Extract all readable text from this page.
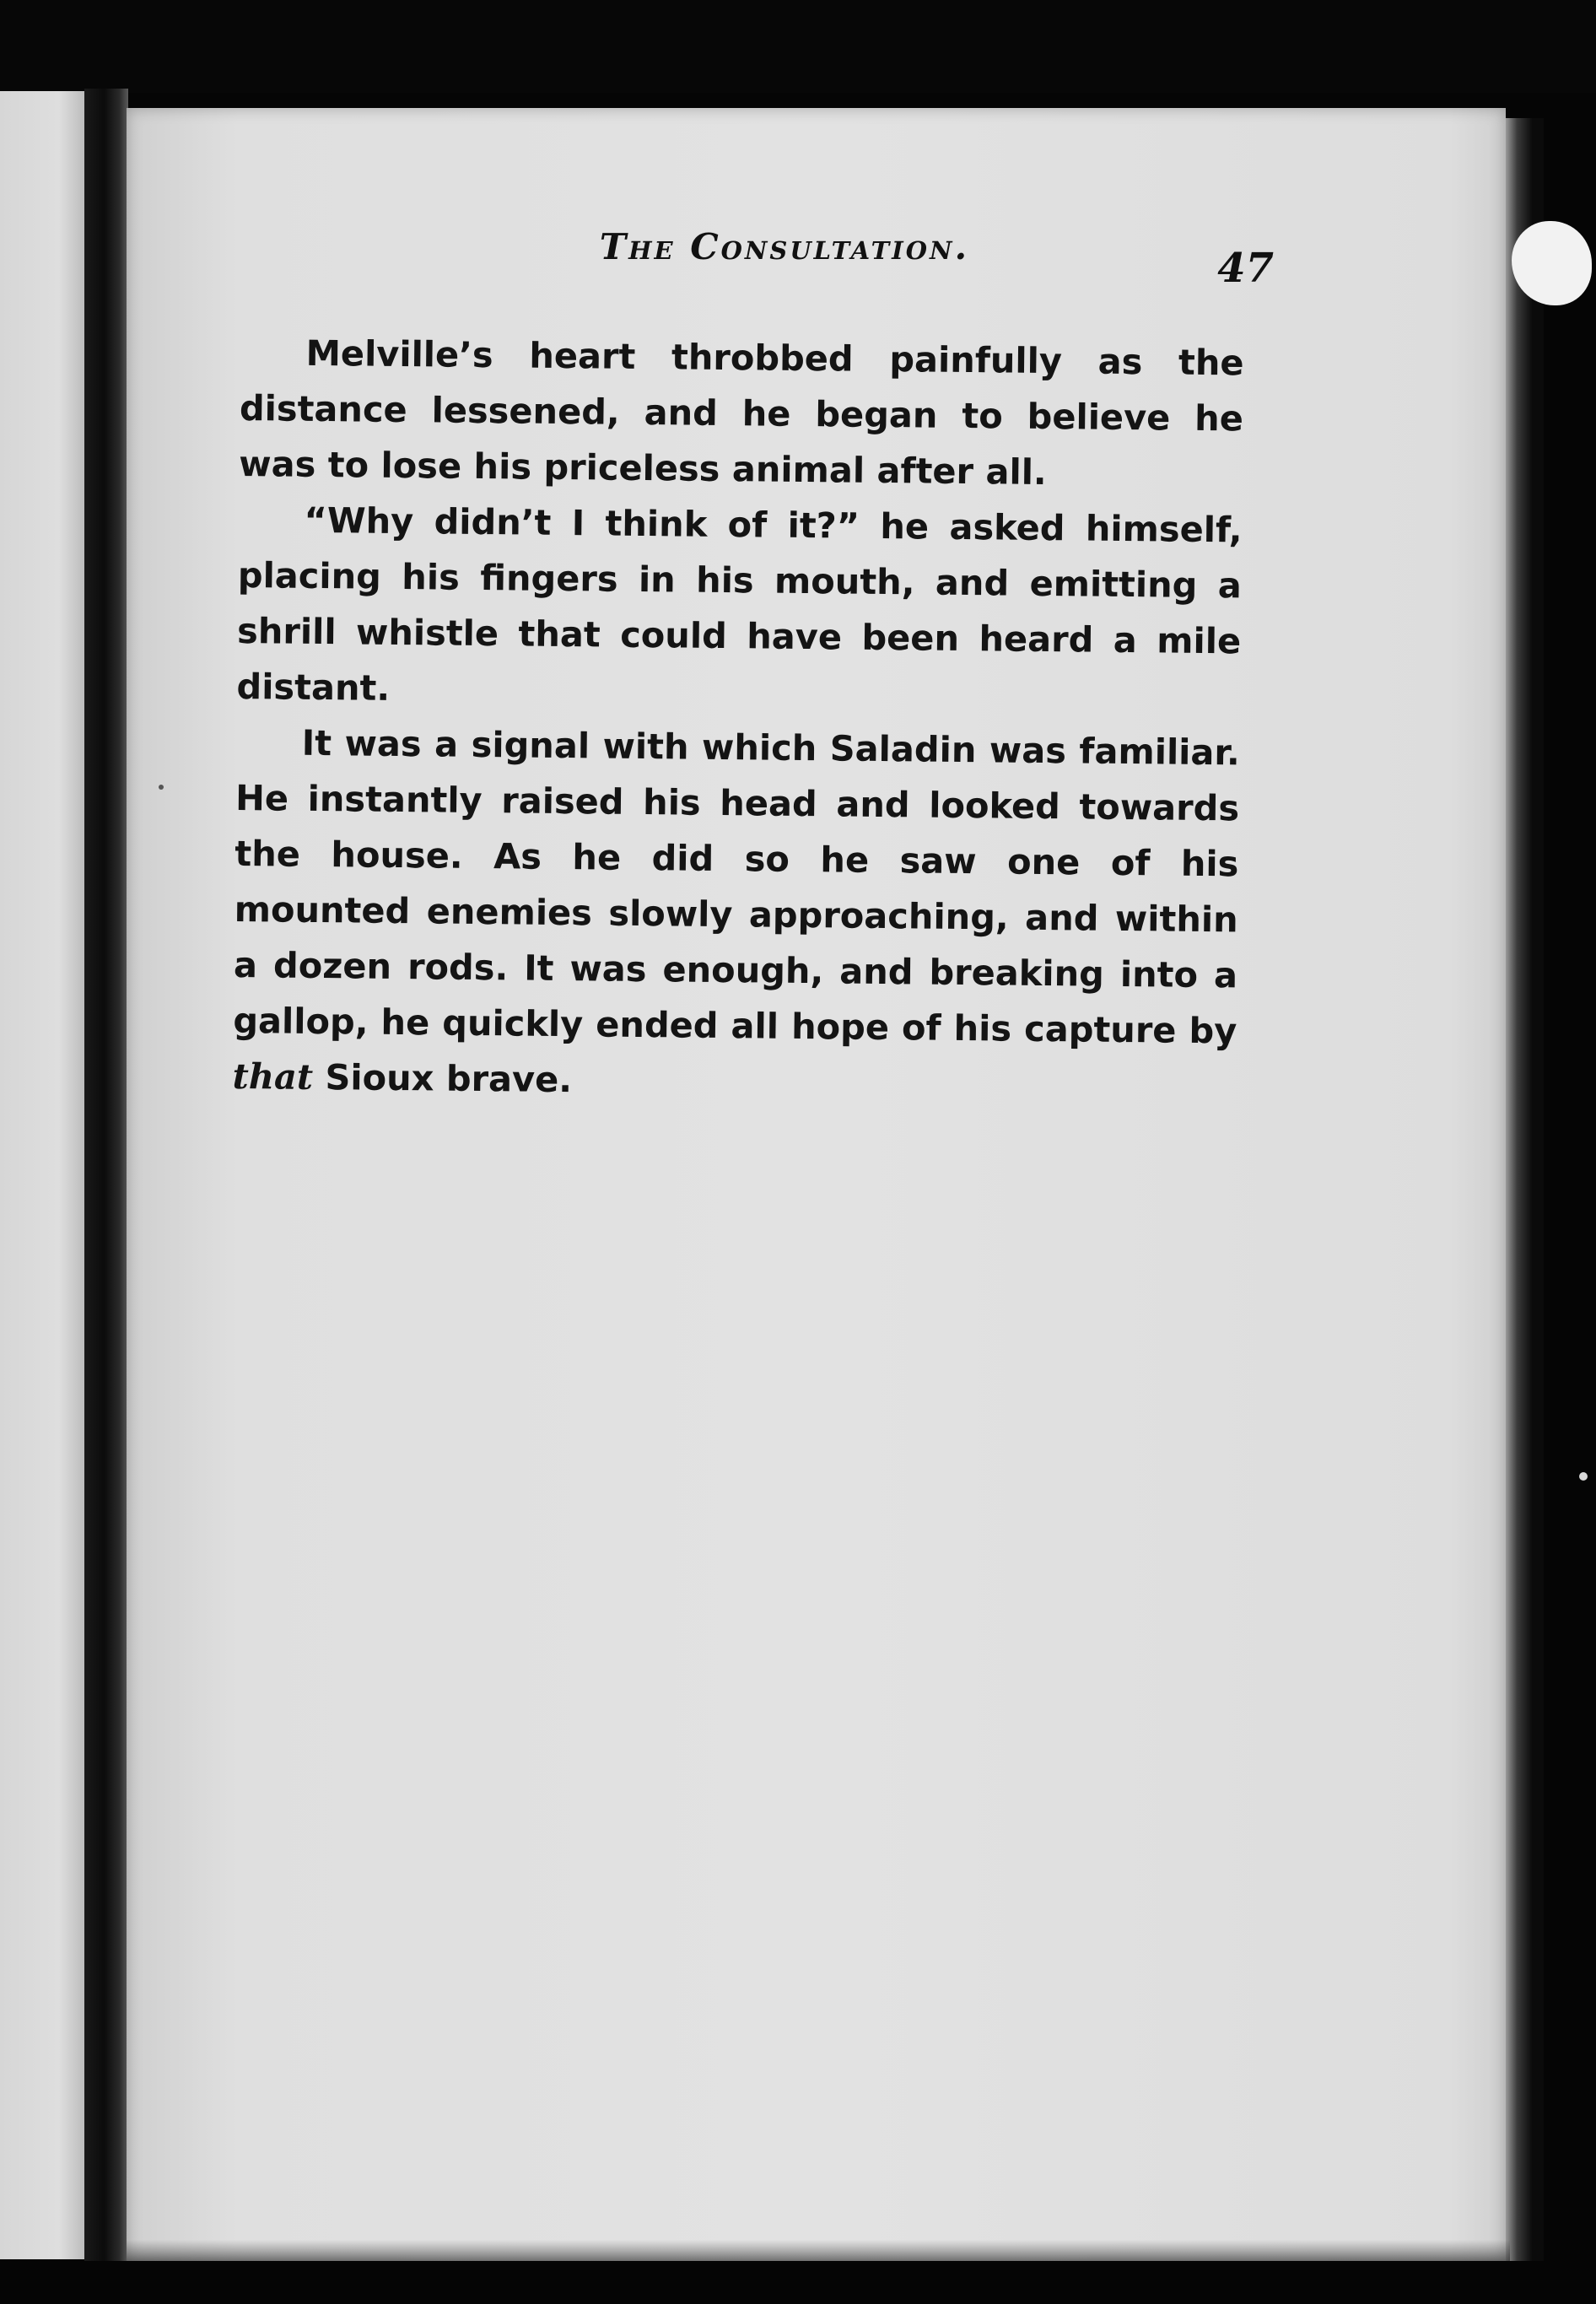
The Consultation.	47

Melville’s heart throbbed painfully as the distance lessened, and he began to believe he was to lose his priceless animal after all.

“Why didn’t I think of it?” he asked himself, placing his fingers in his mouth, and emitting a shrill whistle that could have been heard a mile distant.

It was a signal with which Saladin was familiar. He instantly raised his head and looked towards the house. As he did so he saw one of his mounted enemies slowly approaching, and within a dozen rods. It was enough, and breaking into a gallop, he quickly ended all hope of his capture by that Sioux brave.
